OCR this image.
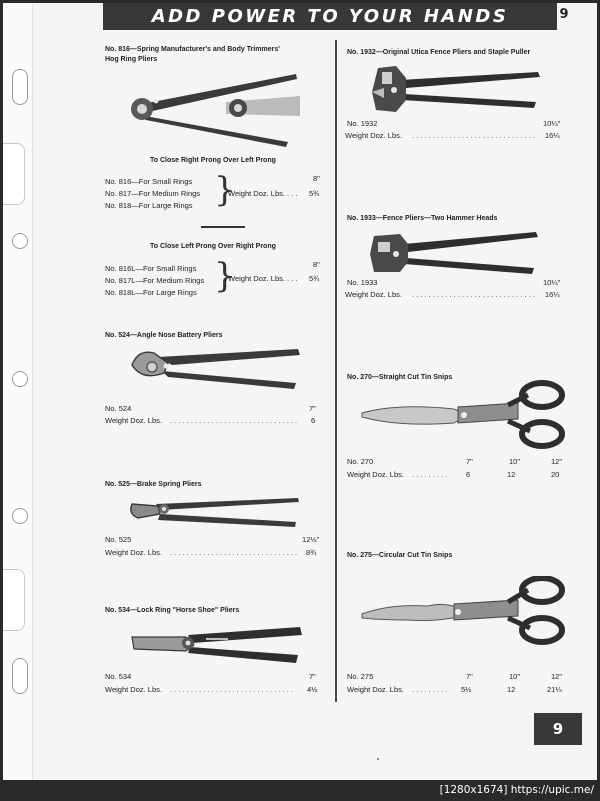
ADD POWER TO YOUR HANDS	9
No. 816—Spring Manufacturer's and Body Trimmers'
Hog Ring Pliers
To Close Right Prong Over Left Prong
No. 816—For Small Rings
No. 817—For Medium Rings
No. 818—For Large Rings }	8"
Weight Doz. Lbs. . . . 5¾
To Close Left Prong Over Right Prong
No. 816L—For Small Rings
No. 817L—For Medium Rings
No. 818L—For Large Rings }	8"
Weight Doz. Lbs. . . . 5¾
No. 524—Angle Nose Battery Pliers
No. 524	7"
Weight Doz. Lbs. . . . . . . . . . . . . . . . . . . . . . . . . . . . . . . . 6
No. 525—Brake Spring Pliers
No. 525	12½"
Weight Doz. Lbs. . . . . . . . . . . . . . . . . . . . . . . . . . . . . . . . 8¾
No. 534—Lock Ring "Horse Shoe" Pliers
No. 534	7"
Weight Doz. Lbs. . . . . . . . . . . . . . . . . . . . . . . . . . . . . . . 4½
No. 1932—Original Utica Fence Pliers and Staple Puller
No. 1932	10¼"
Weight Doz. Lbs. . . . . . . . . . . . . . . . . . . . . . . . . . . . . . . 16¼
No. 1933—Fence Pliers—Two Hammer Heads
No. 1933	10¼"
Weight Doz. Lbs. . . . . . . . . . . . . . . . . . . . . . . . . . . . . . . 16¼
No. 270—Straight Cut Tin Snips
No. 270	7"	10"	12"
Weight Doz. Lbs. . . . . . . . . . 6	12	20
No. 275—Circular Cut Tin Snips
No. 275	7"	10"	12"
Weight Doz. Lbs. . . . . . . . . . 5½	12	21¼
9
[1280x1674] https://upic.me/
